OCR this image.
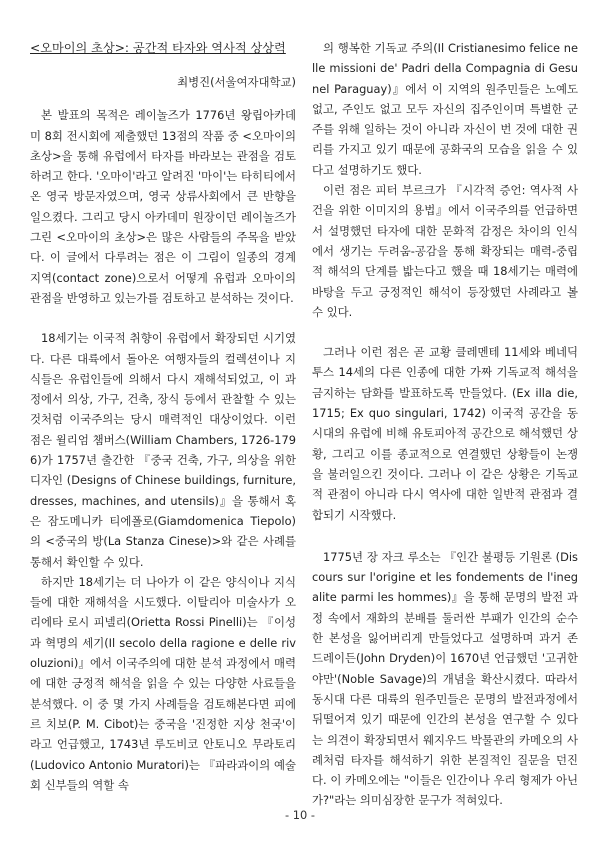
<오마이의 초상>: 공간적 타자와 역사적 상상력
최병진(서울여자대학교)

본 발표의 목적은 레이놀즈가 1776년 왕립아카데미 8회 전시회에 제출했던 13점의 작품 중 <오마이의 초상>을 통해 유럽에서 타자를 바라보는 관점을 검토하려고 한다. '오마이'라고 알려진 '마이'는 타히티에서 온 영국 방문자였으며, 영국 상류사회에서 큰 반향을 일으켰다. 그리고 당시 아카데미 원장이던 레이놀즈가 그린 <오마이의 초상>은 많은 사람들의 주목을 받았다. 이 글에서 다루려는 점은 이 그림이 일종의 경계 지역(contact zone)으로서 어떻게 유럽과 오마이의 관점을 반영하고 있는가를 검토하고 분석하는 것이다.

18세기는 이국적 취향이 유럽에서 확장되던 시기였다. 다른 대륙에서 돌아온 여행자들의 컬렉션이나 지식들은 유럽인들에 의해서 다시 재해석되었고, 이 과정에서 의상, 가구, 건축, 장식 등에서 관찰할 수 있는 것처럼 이국주의는 당시 매력적인 대상이었다. 이런 점은 윌리엄 챔버스(William Chambers, 1726-1796)가 1757년 출간한 『중국 건축, 가구, 의상을 위한 디자인 (Designs of Chinese buildings, furniture, dresses, machines, and utensils)』을 통해서 혹은 잠도메니카 티에폴로(Giamdomenica Tiepolo)의 <중국의 방(La Stanza Cinese)>와 같은 사례를 통해서 확인할 수 있다.

하지만 18세기는 더 나아가 이 같은 양식이나 지식들에 대한 재해석을 시도했다. 이탈리아 미술사가 오리에타 로시 피넬리(Orietta Rossi Pinelli)는 『이성과 혁명의 세기(Il secolo della ragione e delle rivoluzioni)』에서 이국주의에 대한 분석 과정에서 매력에 대한 긍정적 해석을 읽을 수 있는 다양한 사료들을 분석했다. 이 중 몇 가지 사례들을 검토해본다면 피에르 치보(P. M. Cibot)는 중국을 '진정한 지상 천국'이라고 언급했고, 1743년 루도비코 안토니오 무라토리(Ludovico Antonio Muratori)는 『파라과이의 예술회 신부들의 역할 속

의 행복한 기독교 주의(Il Cristianesimo felice nelle missioni de' Padri della Compagnia di Gesu nel Paraguay)』에서 이 지역의 원주민들은 노예도 없고, 주인도 없고 모두 자신의 집주인이며 특별한 군주를 위해 일하는 것이 아니라 자신이 번 것에 대한 권리를 가지고 있기 때문에 공화국의 모습을 읽을 수 있다고 설명하기도 했다.

이런 점은 피터 부르크가 『시각적 증언: 역사적 사건을 위한 이미지의 용법』에서 이국주의를 언급하면서 설명했던 타자에 대한 문화적 감정은 차이의 인식에서 생기는 두려움-공감을 통해 확장되는 매력-중립적 해석의 단계를 밟는다고 했을 때 18세기는 매력에 바탕을 두고 긍정적인 해석이 등장했던 사례라고 볼 수 있다.

그러나 이런 점은 곧 교황 클레멘테 11세와 베네딕투스 14세의 다른 인종에 대한 가짜 기독교적 해석을 금지하는 담화를 발표하도록 만들었다. (Ex illa die, 1715; Ex quo singulari, 1742) 이국적 공간을 동시대의 유럽에 비해 유토피아적 공간으로 해석했던 상황, 그리고 이를 종교적으로 연결했던 상황들이 논쟁을 불러일으킨 것이다. 그러나 이 같은 상황은 기독교적 관점이 아니라 다시 역사에 대한 일반적 관점과 결합되기 시작했다.

1775년 장 자크 루소는 『인간 불평등 기원론 (Discours sur l'origine et les fondements de l'inegalite parmi les hommes)』을 통해 문명의 발전 과정 속에서 재화의 분배를 둘러싼 부패가 인간의 순수한 본성을 잃어버리게 만들었다고 설명하며 과거 존 드레이든(John Dryden)이 1670년 언급했던 '고귀한 야만'(Noble Savage)의 개념을 확산시켰다. 따라서 동시대 다른 대륙의 원주민들은 문명의 발전과정에서 뒤떨어져 있기 때문에 인간의 본성을 연구할 수 있다는 의견이 확장되면서 웨지우드 박물관의 카메오의 사례처럼 타자를 해석하기 위한 본질적인 질문을 던진다. 이 카메오에는 "이들은 인간이나 우리 형제가 아닌가?"라는 의미심장한 문구가 적혀있다.

- 10 -
